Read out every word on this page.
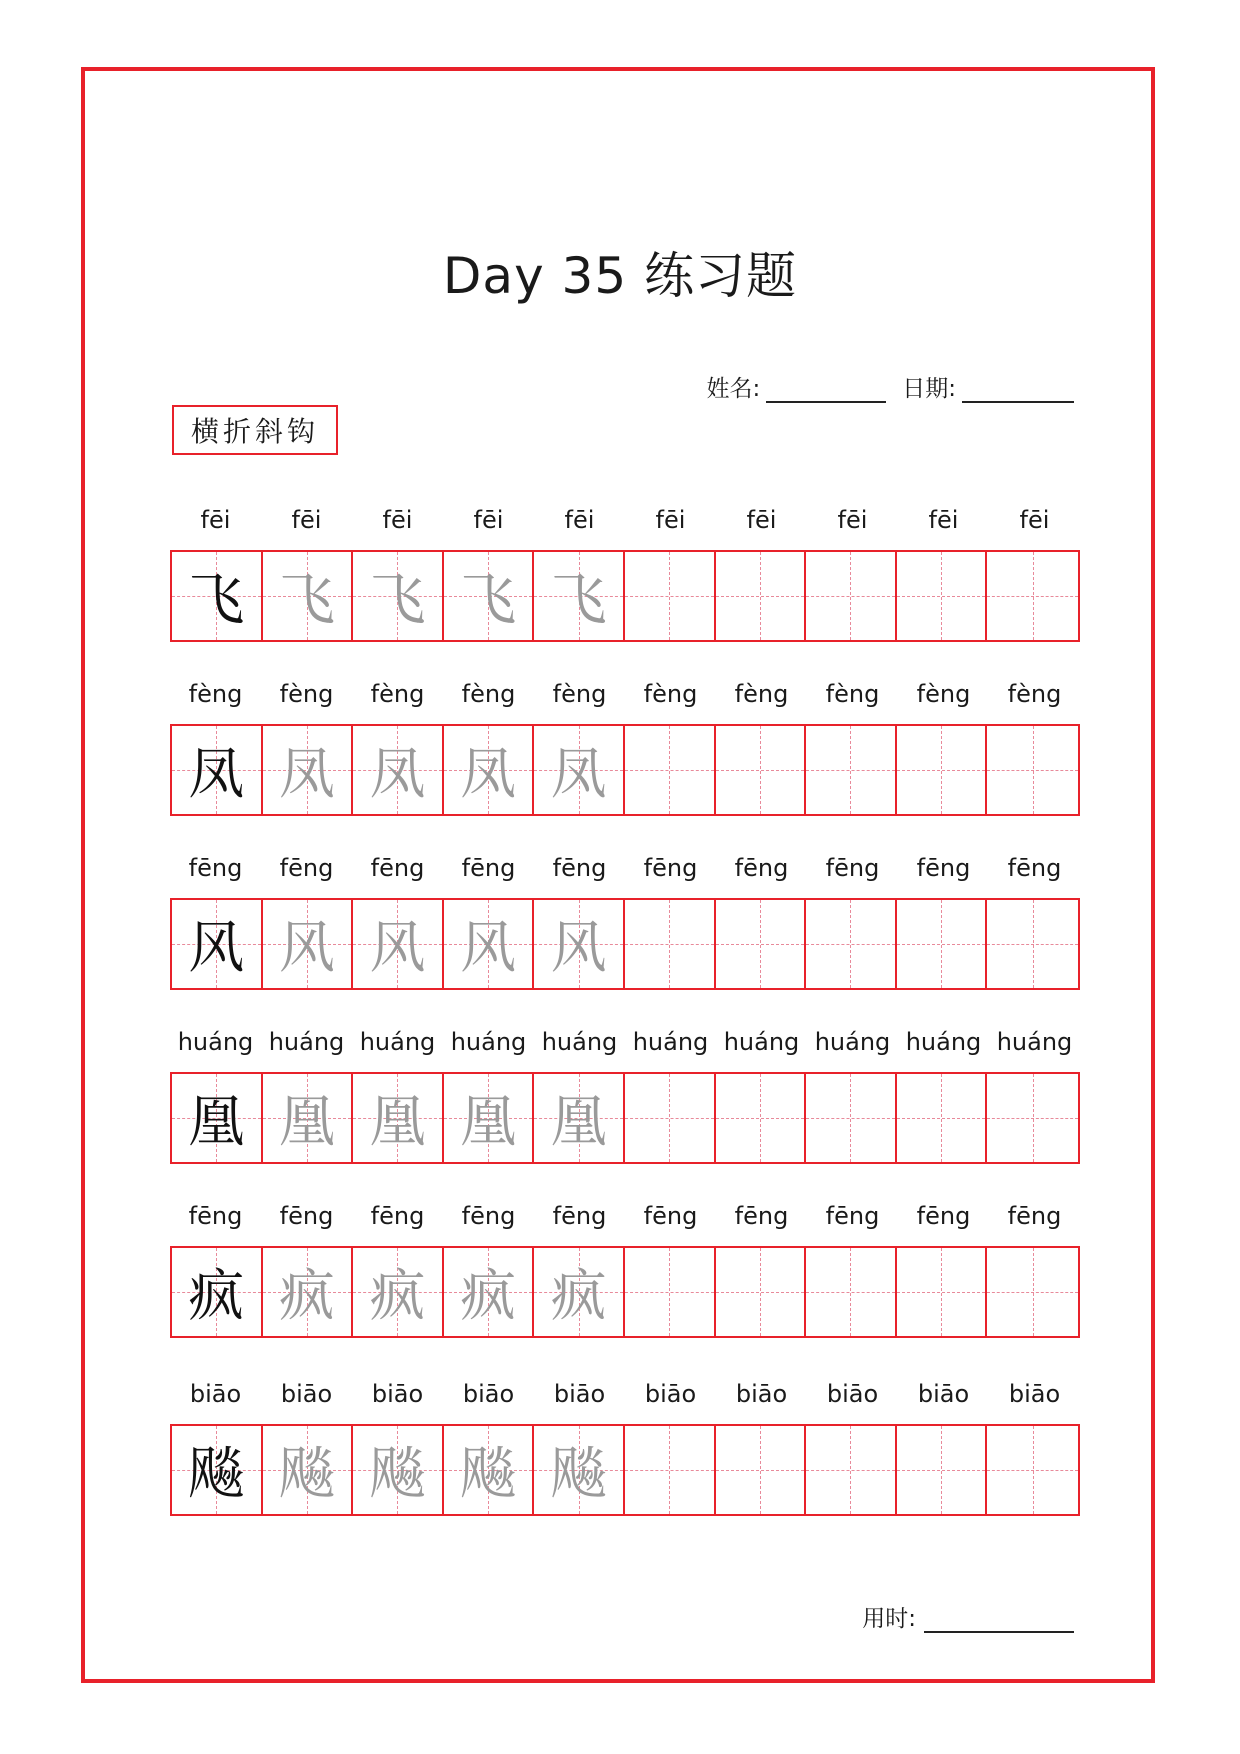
Day 35 练习题
姓名:	日期:
横折斜钩
fēi	fēi	fēi	fēi	fēi	fēi	fēi	fēi	fēi	fēi
飞 飞 飞 飞 飞
fèng	fèng	fèng	fèng	fèng	fèng	fèng	fèng	fèng	fèng
凤 凤 凤 凤 凤
fēng	fēng	fēng	fēng	fēng	fēng	fēng	fēng	fēng	fēng
风 风 风 风 风
huáng huáng huáng huáng huáng huáng huáng huáng huáng huáng
凰 凰 凰 凰 凰
fēng	fēng	fēng	fēng	fēng	fēng	fēng	fēng	fēng	fēng
疯 疯 疯 疯 疯
biāo	biāo	biāo	biāo	biāo	biāo	biāo	biāo	biāo	biāo
飚 飚 飚 飚 飚
用时:
